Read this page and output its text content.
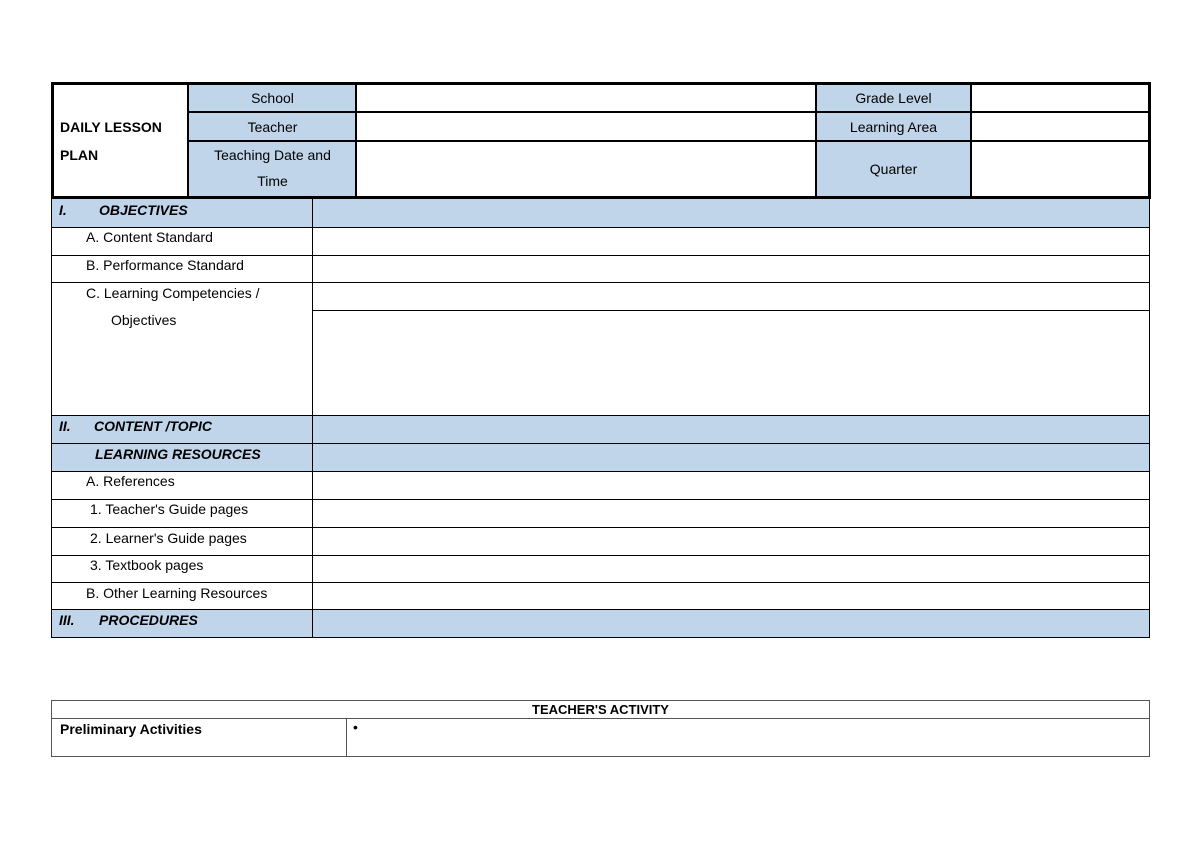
School
Teacher
Teaching Date and
Time
Grade Level
Learning Area
Quarter
DAILY LESSON
PLAN
I. OBJECTIVES
II. CONTENT /TOPIC
LEARNING RESOURCES
III. PROCEDURES
A. Content Standard
B. Performance Standard
C. Learning Competencies /
Objectives
A. References
1. Teacher's Guide pages
2. Learner's Guide pages
3. Textbook pages
B. Other Learning Resources
TEACHER'S ACTIVITY
Preliminary Activities	•
